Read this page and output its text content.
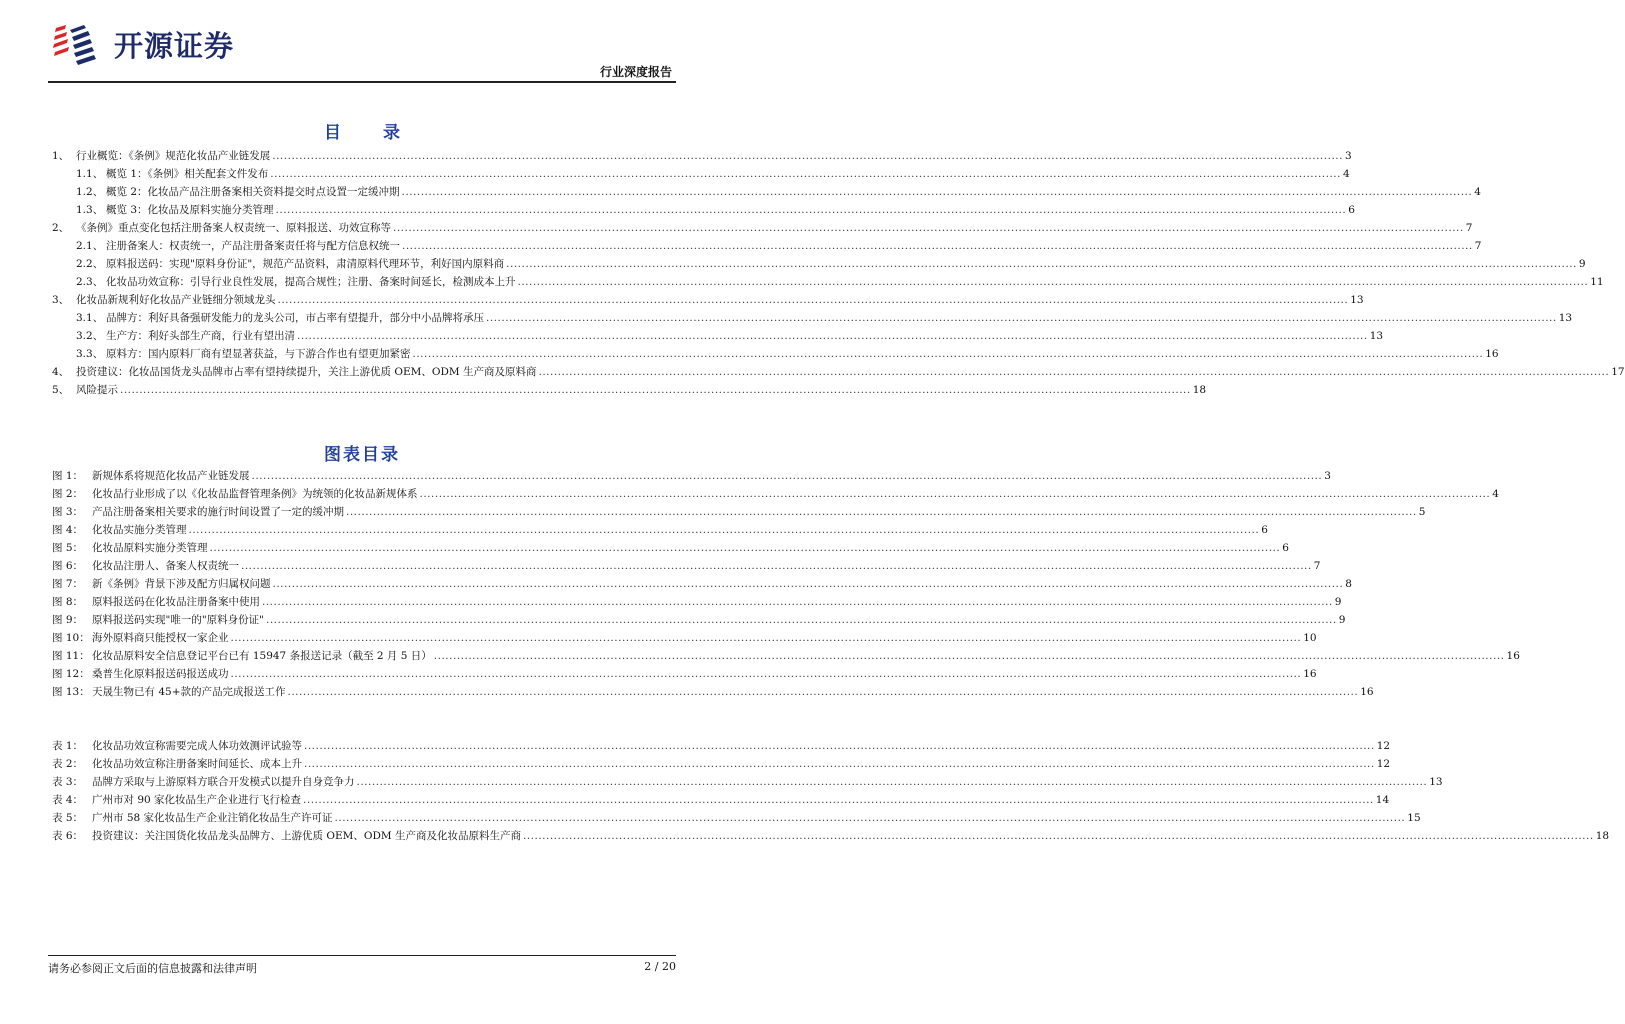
开源证券
行业深度报告
目 录
1、 行业概览：《条例》规范化妆品产业链发展 .....	3
1.1、 概览 1：《条例》相关配套文件发布 .....	4
1.2、 概览 2：化妆品产品注册备案相关资料提交时点设置一定缓冲期 .....	4
1.3、 概览 3：化妆品及原料实施分类管理 .....	6
2、 《条例》重点变化包括注册备案人权责统一、原料报送、功效宣称等 .....	7
2.1、 注册备案人：权责统一，产品注册备案责任将与配方信息权统一 .....	7
2.2、 原料报送码：实现"原料身份证"，规范产品资料，肃清原料代理环节，利好国内原料商 .....	9
2.3、 化妆品功效宣称：引导行业良性发展，提高合规性；注册、备案时间延长，检测成本上升 .....	11
3、 化妆品新规利好化妆品产业链细分领域龙头 .....	13
3.1、 品牌方：利好具备强研发能力的龙头公司，市占率有望提升，部分中小品牌将承压 .....	13
3.2、 生产方：利好头部生产商，行业有望出清 .....	13
3.3、 原料方：国内原料厂商有望显著获益，与下游合作也有望更加紧密 .....	16
4、 投资建议：化妆品国货龙头品牌市占率有望持续提升，关注上游优质 OEM、ODM 生产商及原料商 .....	17
5、 风险提示 .....	18
图表目录
图 1： 新规体系将规范化妆品产业链发展 .....	3
图 2： 化妆品行业形成了以《化妆品监督管理条例》为统领的化妆品新规体系 .....	4
图 3： 产品注册备案相关要求的施行时间设置了一定的缓冲期 .....	5
图 4： 化妆品实施分类管理 .....	6
图 5： 化妆品原料实施分类管理 .....	6
图 6： 化妆品注册人、备案人权责统一 .....	7
图 7： 新《条例》背景下涉及配方归属权问题 .....	8
图 8： 原料报送码在化妆品注册备案中使用 .....	9
图 9： 原料报送码实现"唯一的"原料身份证" .....	9
图 10： 海外原料商只能授权一家企业 .....	10
图 11： 化妆品原料安全信息登记平台已有 15947 条报送记录（截至 2 月 5 日） .....	16
图 12： 桑普生化原料报送码报送成功 .....	16
图 13： 天晟生物已有 45+款的产品完成报送工作 .....	16
表 1： 化妆品功效宣称需要完成人体功效测评试验等 .....	12
表 2： 化妆品功效宣称注册备案时间延长、成本上升 .....	12
表 3： 品牌方采取与上游原料方联合开发模式以提升自身竞争力 .....	13
表 4： 广州市对 90 家化妆品生产企业进行飞行检查 .....	14
表 5： 广州市 58 家化妆品生产企业注销化妆品生产许可证 .....	15
表 6： 投资建议：关注国货化妆品龙头品牌方、上游优质 OEM、ODM 生产商及化妆品原料生产商 .....	18
请务必参阅正文后面的信息披露和法律声明	2 / 20
